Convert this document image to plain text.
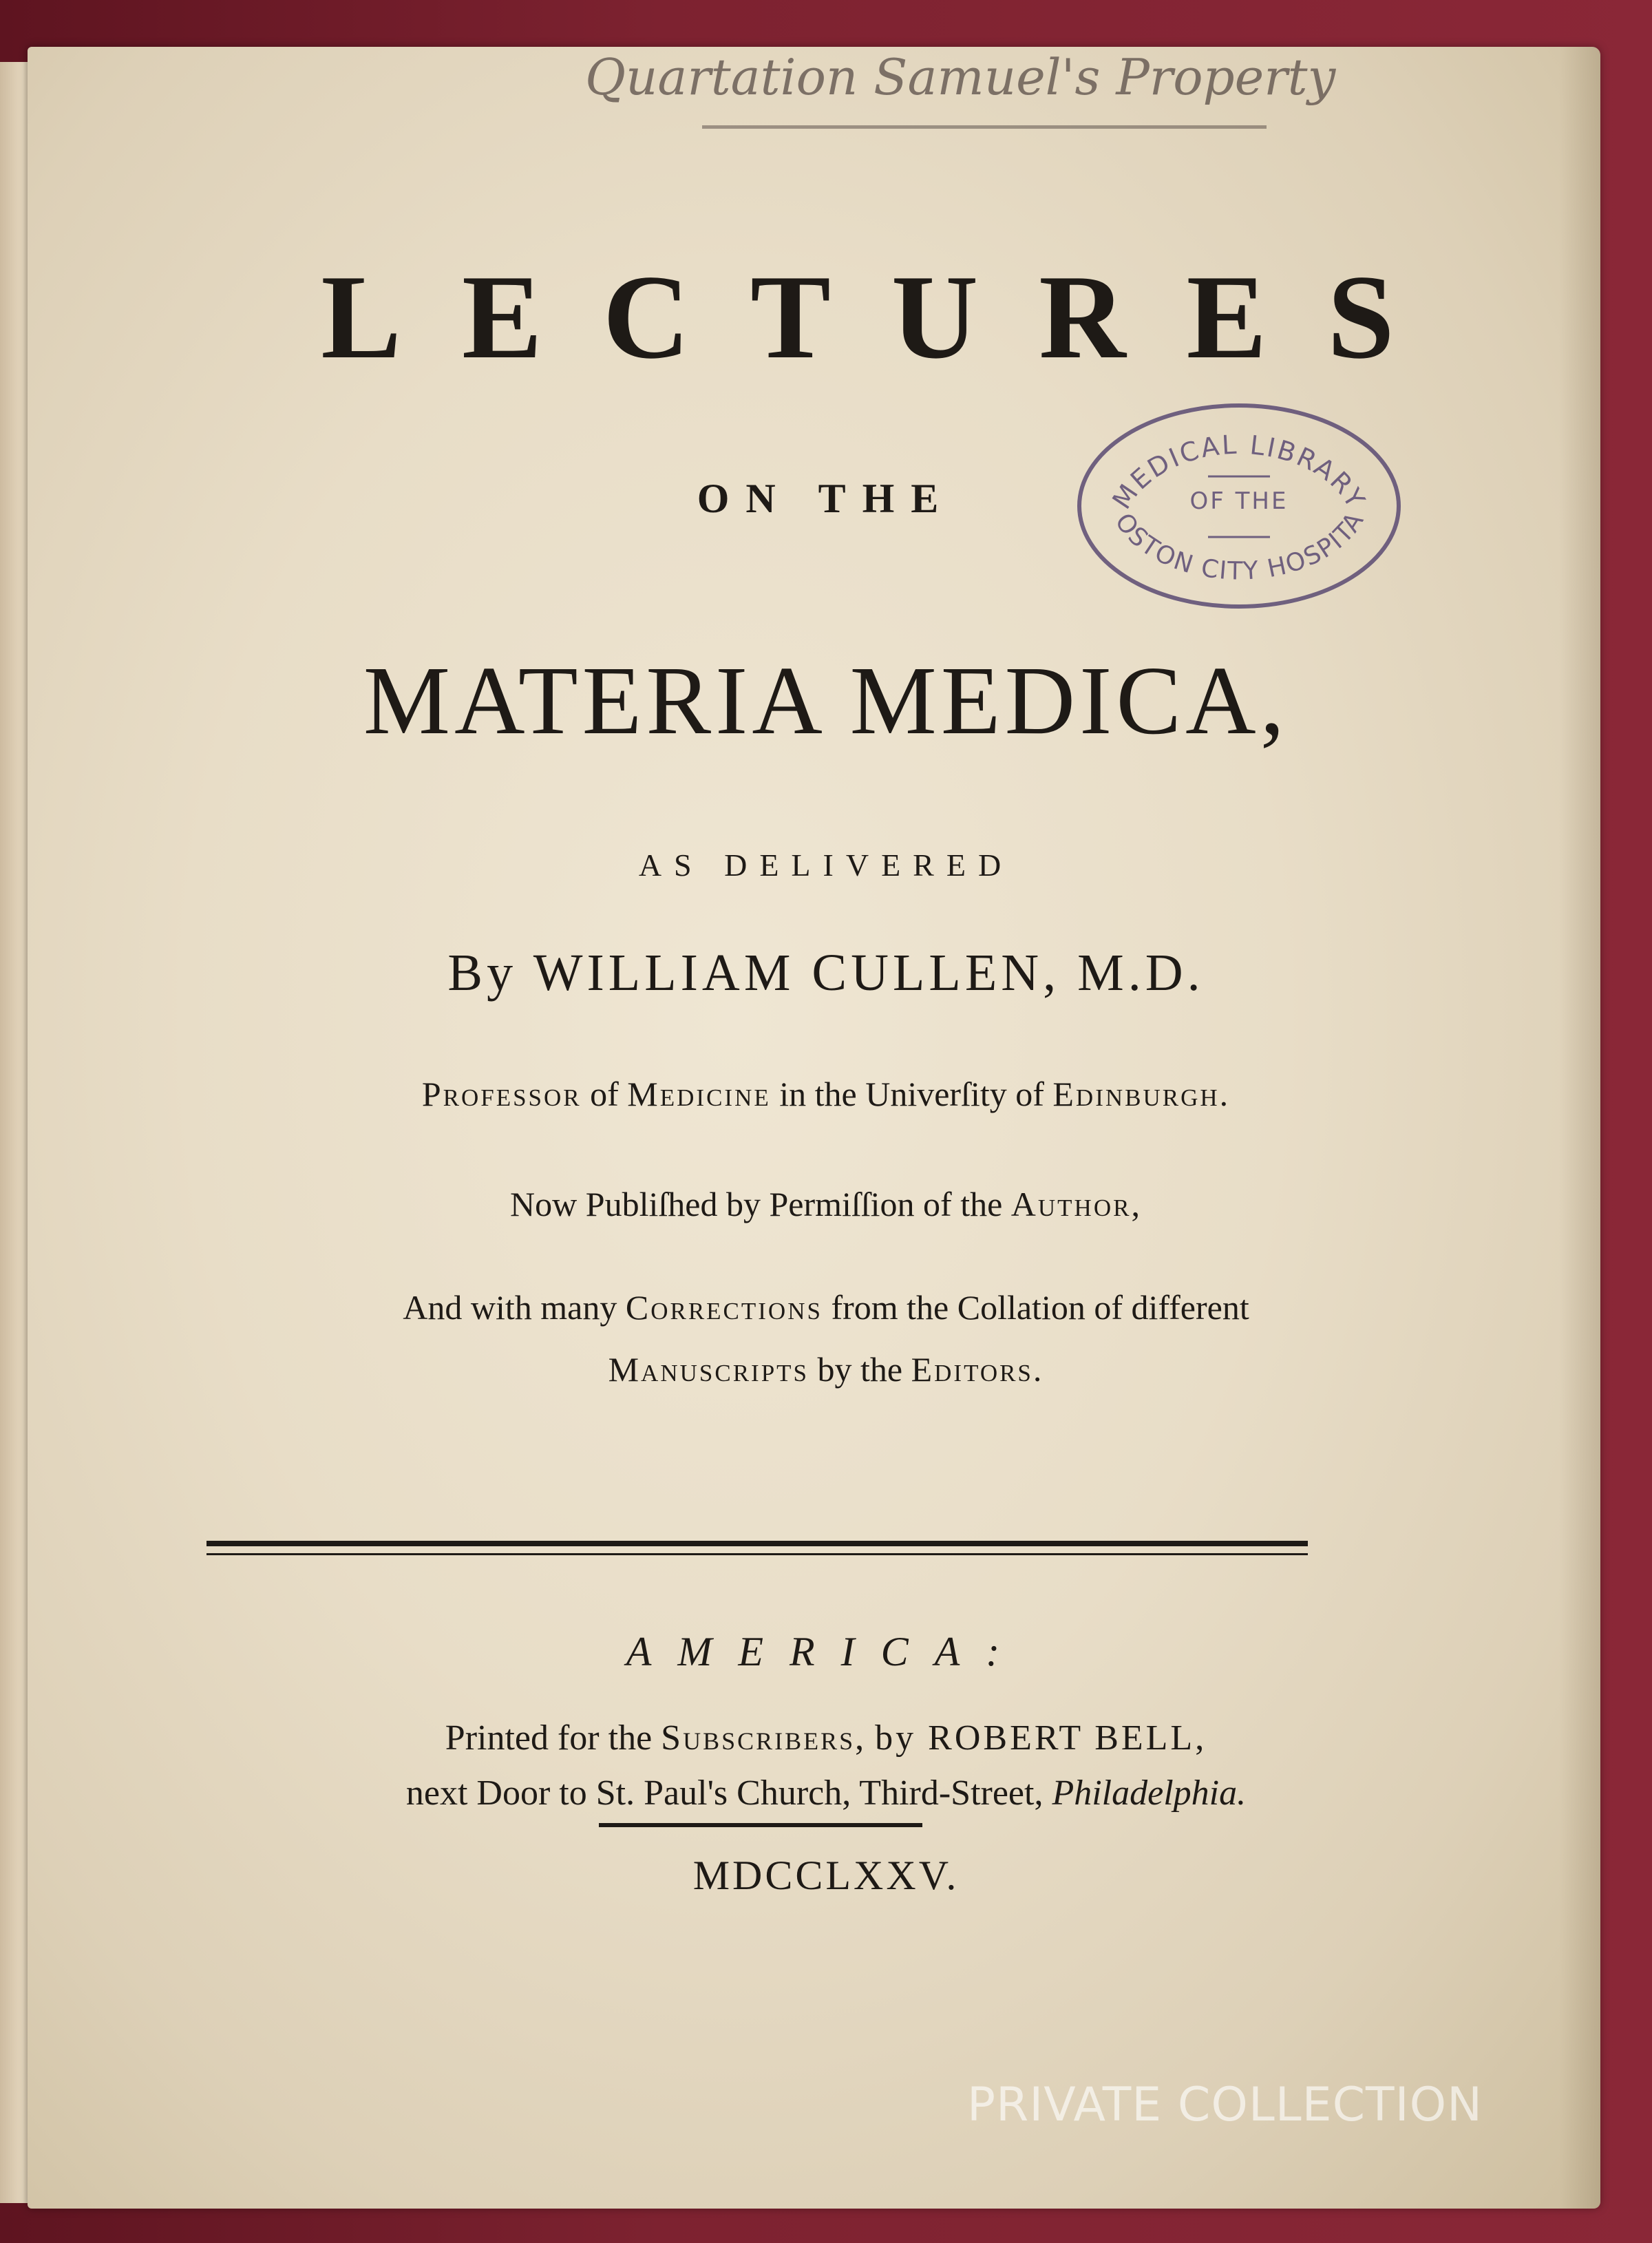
Quartation Samuel's Property
MEDICAL LIBRARY
OSTON CITY HOSPITA
OF THE
LECTURES
ON THE
MATERIA MEDICA,
AS DELIVERED
By WILLIAM CULLEN, M.D.
Professor of Medicine in the Univerſity of Edinburgh.
Now Publiſhed by Permiſſion of the Author,
And with many Corrections from the Collation of different
Manuscripts by the Editors.
AMERICA:
Printed for the Subscribers, by ROBERT BELL,
next Door to St. Paul's Church, Third-Street, Philadelphia.
MDCCLXXV.
PRIVATE COLLECTION
